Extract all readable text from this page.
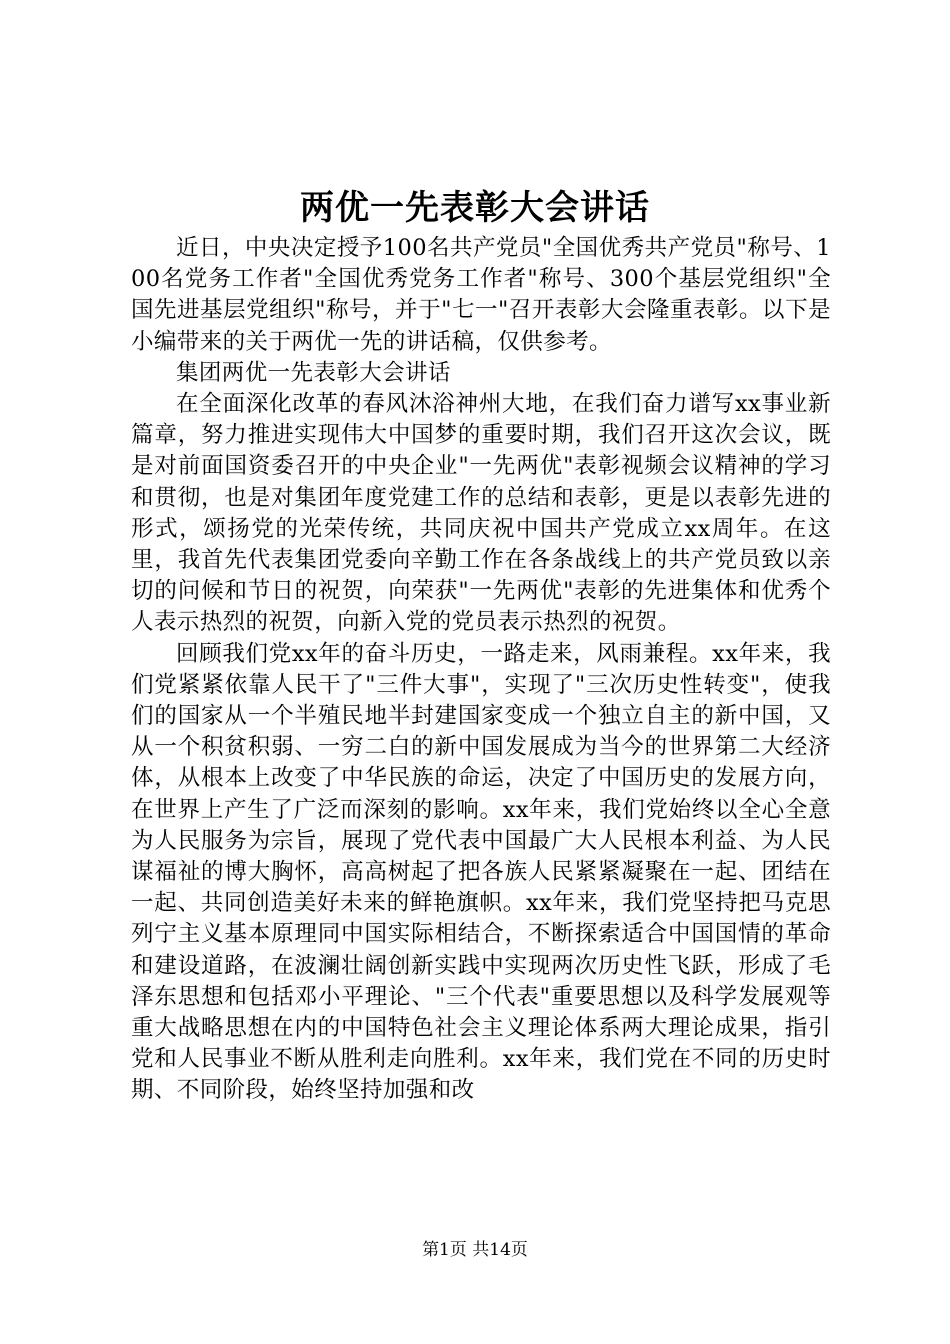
两优一先表彰大会讲话

近日，中央决定授予100名共产党员"全国优秀共产党员"称号、100名党务工作者"全国优秀党务工作者"称号、300个基层党组织"全国先进基层党组织"称号，并于"七一"召开表彰大会隆重表彰。以下是小编带来的关于两优一先的讲话稿，仅供参考。

集团两优一先表彰大会讲话

在全面深化改革的春风沐浴神州大地，在我们奋力谱写xx事业新篇章，努力推进实现伟大中国梦的重要时期，我们召开这次会议，既是对前面国资委召开的中央企业"一先两优"表彰视频会议精神的学习和贯彻，也是对集团年度党建工作的总结和表彰，更是以表彰先进的形式，颂扬党的光荣传统，共同庆祝中国共产党成立xx周年。在这里，我首先代表集团党委向辛勤工作在各条战线上的共产党员致以亲切的问候和节日的祝贺，向荣获"一先两优"表彰的先进集体和优秀个人表示热烈的祝贺，向新入党的党员表示热烈的祝贺。

回顾我们党xx年的奋斗历史，一路走来，风雨兼程。xx年来，我们党紧紧依靠人民干了"三件大事"，实现了"三次历史性转变"，使我们的国家从一个半殖民地半封建国家变成一个独立自主的新中国，又从一个积贫积弱、一穷二白的新中国发展成为当今的世界第二大经济体，从根本上改变了中华民族的命运，决定了中国历史的发展方向，在世界上产生了广泛而深刻的影响。xx年来，我们党始终以全心全意为人民服务为宗旨，展现了党代表中国最广大人民根本利益、为人民谋福祉的博大胸怀，高高树起了把各族人民紧紧凝聚在一起、团结在一起、共同创造美好未来的鲜艳旗帜。xx年来，我们党坚持把马克思列宁主义基本原理同中国实际相结合，不断探索适合中国国情的革命和建设道路，在波澜壮阔创新实践中实现两次历史性飞跃，形成了毛泽东思想和包括邓小平理论、"三个代表"重要思想以及科学发展观等重大战略思想在内的中国特色社会主义理论体系两大理论成果，指引党和人民事业不断从胜利走向胜利。xx年来，我们党在不同的历史时期、不同阶段，始终坚持加强和改

第1页 共14页
